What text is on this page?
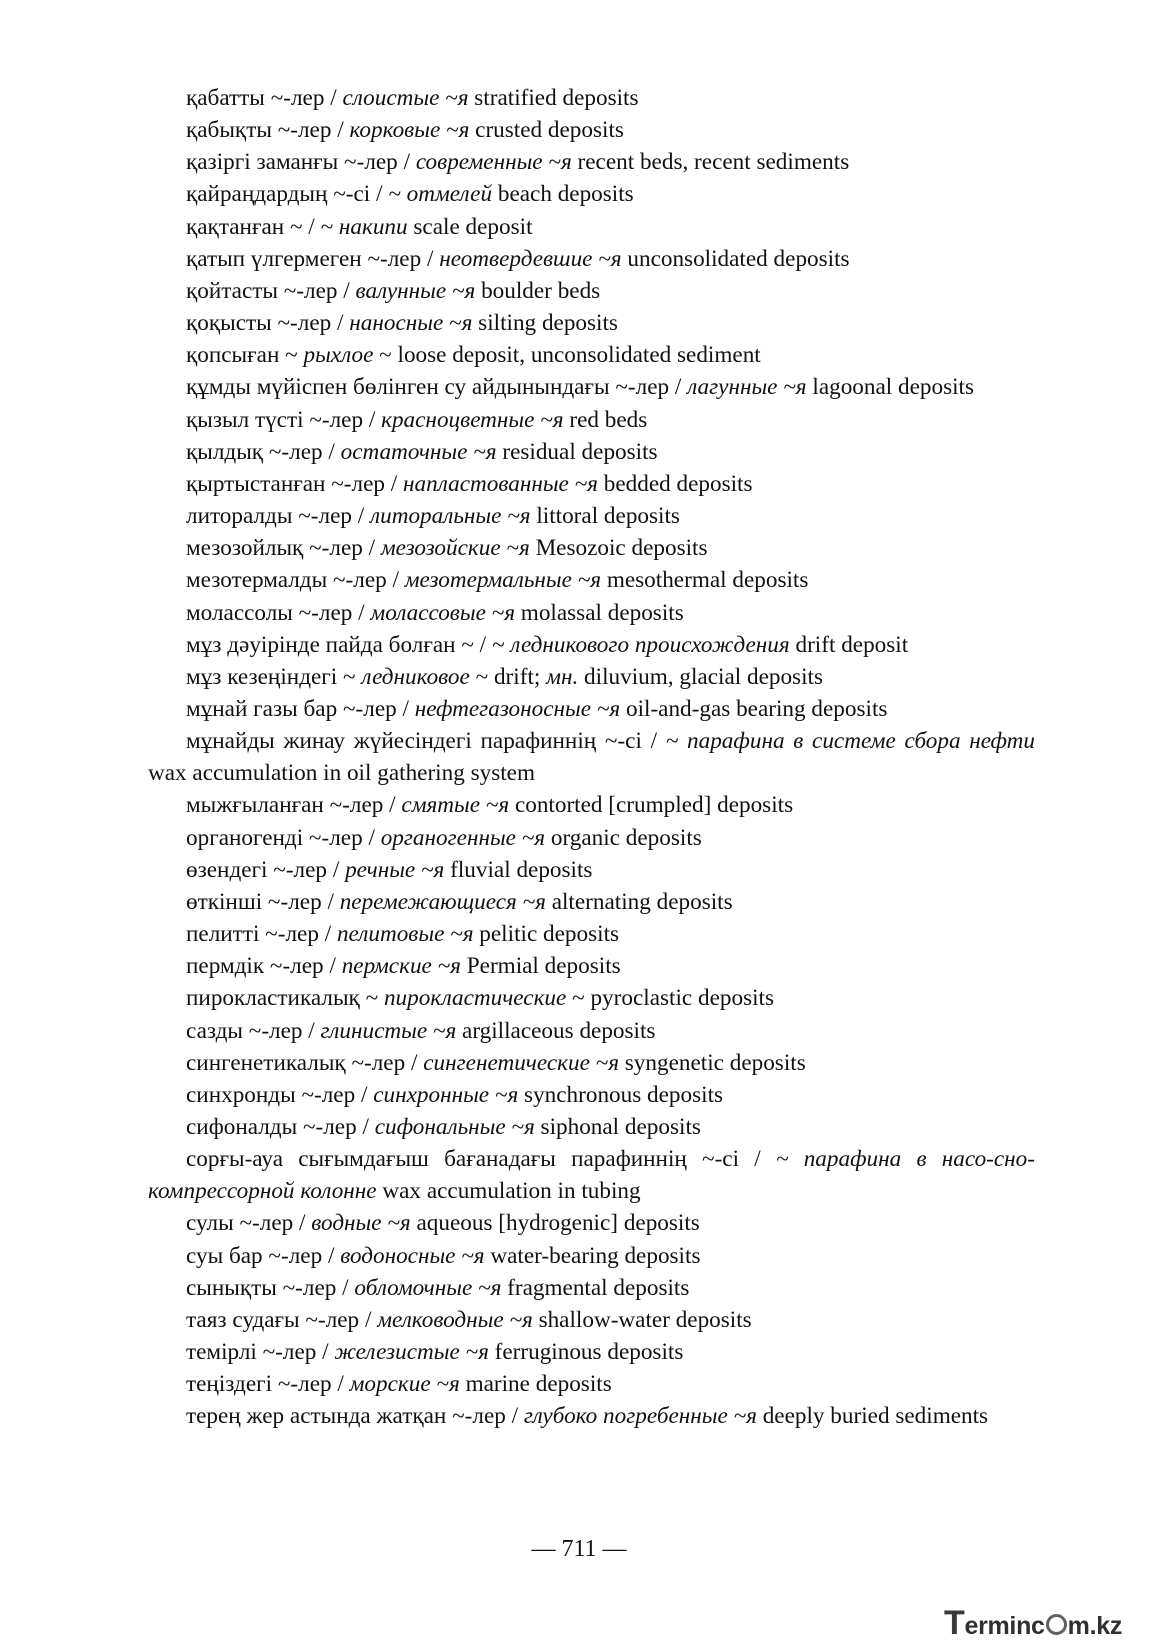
қабатты ~-лер / слоистые ~я stratified deposits

қабықты ~-лер / корковые ~я crusted deposits

қазіргі заманғы ~-лер / современные ~я recent beds, recent sediments

қайраңдардың ~-сі / ~ отмелей beach deposits

қақтанған ~ / ~ накипи scale deposit

қатып үлгермеген ~-лер / неотвердевшие ~я unconsolidated deposits

қойтасты ~-лер / валунные ~я boulder beds

қоқысты ~-лер / наносные ~я silting deposits

қопсыған ~ рыхлое ~ loose deposit, unconsolidated sediment

құмды мүйіспен бөлінген су айдынындағы ~-лер / лагунные ~я lagoonal deposits

қызыл түсті ~-лер / красноцветные ~я red beds

қылдық ~-лер / остаточные ~я residual deposits

қыртыстанған ~-лер / напластованные ~я bedded deposits

литоралды ~-лер / литоральные ~я littoral deposits

мезозойлық ~-лер / мезозойские ~я Mesozoic deposits

мезотермалды ~-лер / мезотермальные ~я mesothermal deposits

молассолы ~-лер / молассовые ~я molassal deposits

мұз дәуірінде пайда болған ~ / ~ ледникового происхождения drift deposit

мұз кезеңіндегі ~ ледниковое ~ drift; мн. diluvium, glacial deposits

мұнай газы бар ~-лер / нефтегазоносные ~я oil-and-gas bearing deposits

мұнайды жинау жүйесіндегі парафиннің ~-сі / ~ парафина в системе сбора нефти wax accumulation in oil gathering system

мыжғыланған ~-лер / смятые ~я contorted [crumpled] deposits

органогенді ~-лер / органогенные ~я organic deposits

өзендегі ~-лер / речные ~я fluvial deposits

өткінші ~-лер / перемежающиеся ~я alternating deposits

пелитті ~-лер / пелитовые ~я pelitic deposits

пермдік ~-лер / пермские ~я Permial deposits

пирокластикалық ~ пирокластические ~ pyroclastic deposits

сазды ~-лер / глинистые ~я argillaceous deposits

сингенетикалық ~-лер / сингенетические ~я syngenetic deposits

синхронды ~-лер / синхронные ~я synchronous deposits

сифоналды ~-лер / сифональные ~я siphonal deposits

сорғы-ауа сығымдағыш бағанадағы парафиннің ~-сі / ~ парафина в насо-сно-компрессорной колонне wax accumulation in tubing

сулы ~-лер / водные ~я aqueous [hydrogenic] deposits

суы бар ~-лер / водоносные ~я water-bearing deposits

сынықты ~-лер / обломочные ~я fragmental deposits

таяз судағы ~-лер / мелководные ~я shallow-water deposits

темірлі ~-лер / железистые ~я ferruginous deposits

теңіздегі ~-лер / морские ~я marine deposits

терең жер астында жатқан ~-лер / глубоко погребенные ~я deeply buried sediments

— 711 —
Terminc m.kz
